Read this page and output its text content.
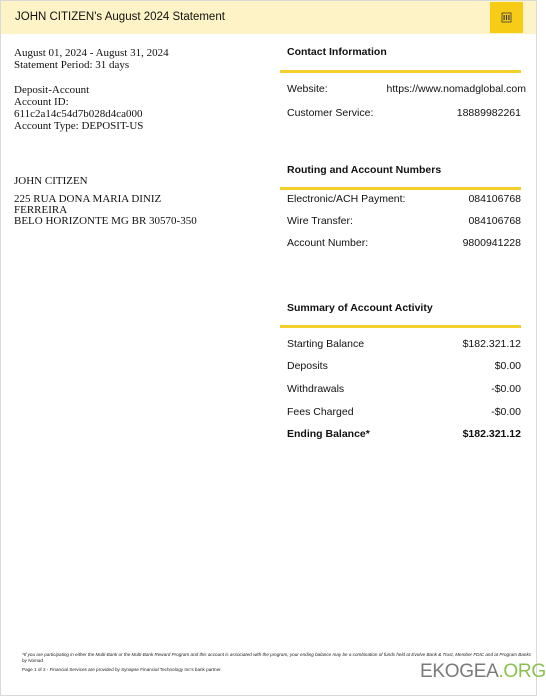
JOHN CITIZEN's August 2024 Statement
August 01, 2024 - August 31, 2024
Statement Period: 31 days
Deposit-Account
Account ID:
611c2a14c54d7b028d4ca000
Account Type: DEPOSIT-US
JOHN CITIZEN
225 RUA DONA MARIA DINIZ
FERREIRA
BELO HORIZONTE MG BR 30570-350
Contact Information
Website:	https://www.nomadglobal.com
Customer Service:	18889982261
Routing and Account Numbers
Electronic/ACH Payment:	084106768
Wire Transfer:	084106768
Account Number:	9800941228
Summary of Account Activity
Starting Balance	$182.321.12
Deposits	$0.00
Withdrawals	-$0.00
Fees Charged	-$0.00
Ending Balance*	$182.321.12
*If you are participating in either the Multi-Bank or the Multi-Bank Reward Program and this account is associated with the program, your ending balance may be a combination of funds held at Evolve Bank & Trust, Member FDIC and at Program Banks by Nomad.
Page 1 of 2 - Financial Services are provided by Synapse Financial Technology Inc's bank partner.	EKOGEA.ORG
